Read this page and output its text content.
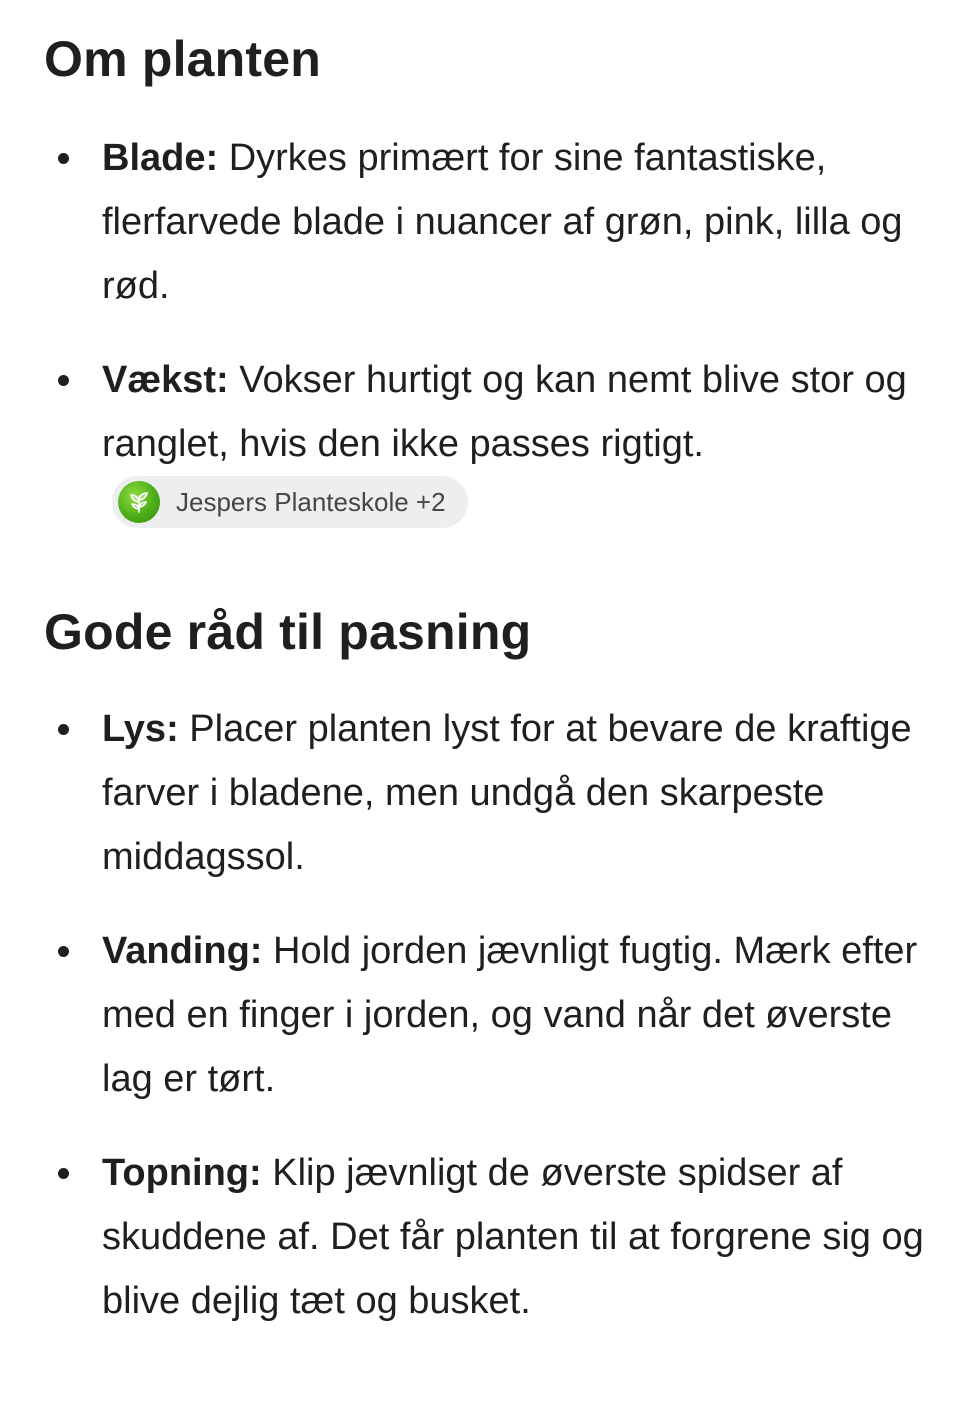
Om planten
Blade: Dyrkes primært for sine fantastiske, flerfarvede blade i nuancer af grøn, pink, lilla og rød.
Vækst: Vokser hurtigt og kan nemt blive stor og ranglet, hvis den ikke passes rigtigt.
Jespers Planteskole +2
Gode råd til pasning
Lys: Placer planten lyst for at bevare de kraftige farver i bladene, men undgå den skarpeste middagssol.
Vanding: Hold jorden jævnligt fugtig. Mærk efter med en finger i jorden, og vand når det øverste lag er tørt.
Topning: Klip jævnligt de øverste spidser af skuddene af. Det får planten til at forgrene sig og blive dejlig tæt og busket.
